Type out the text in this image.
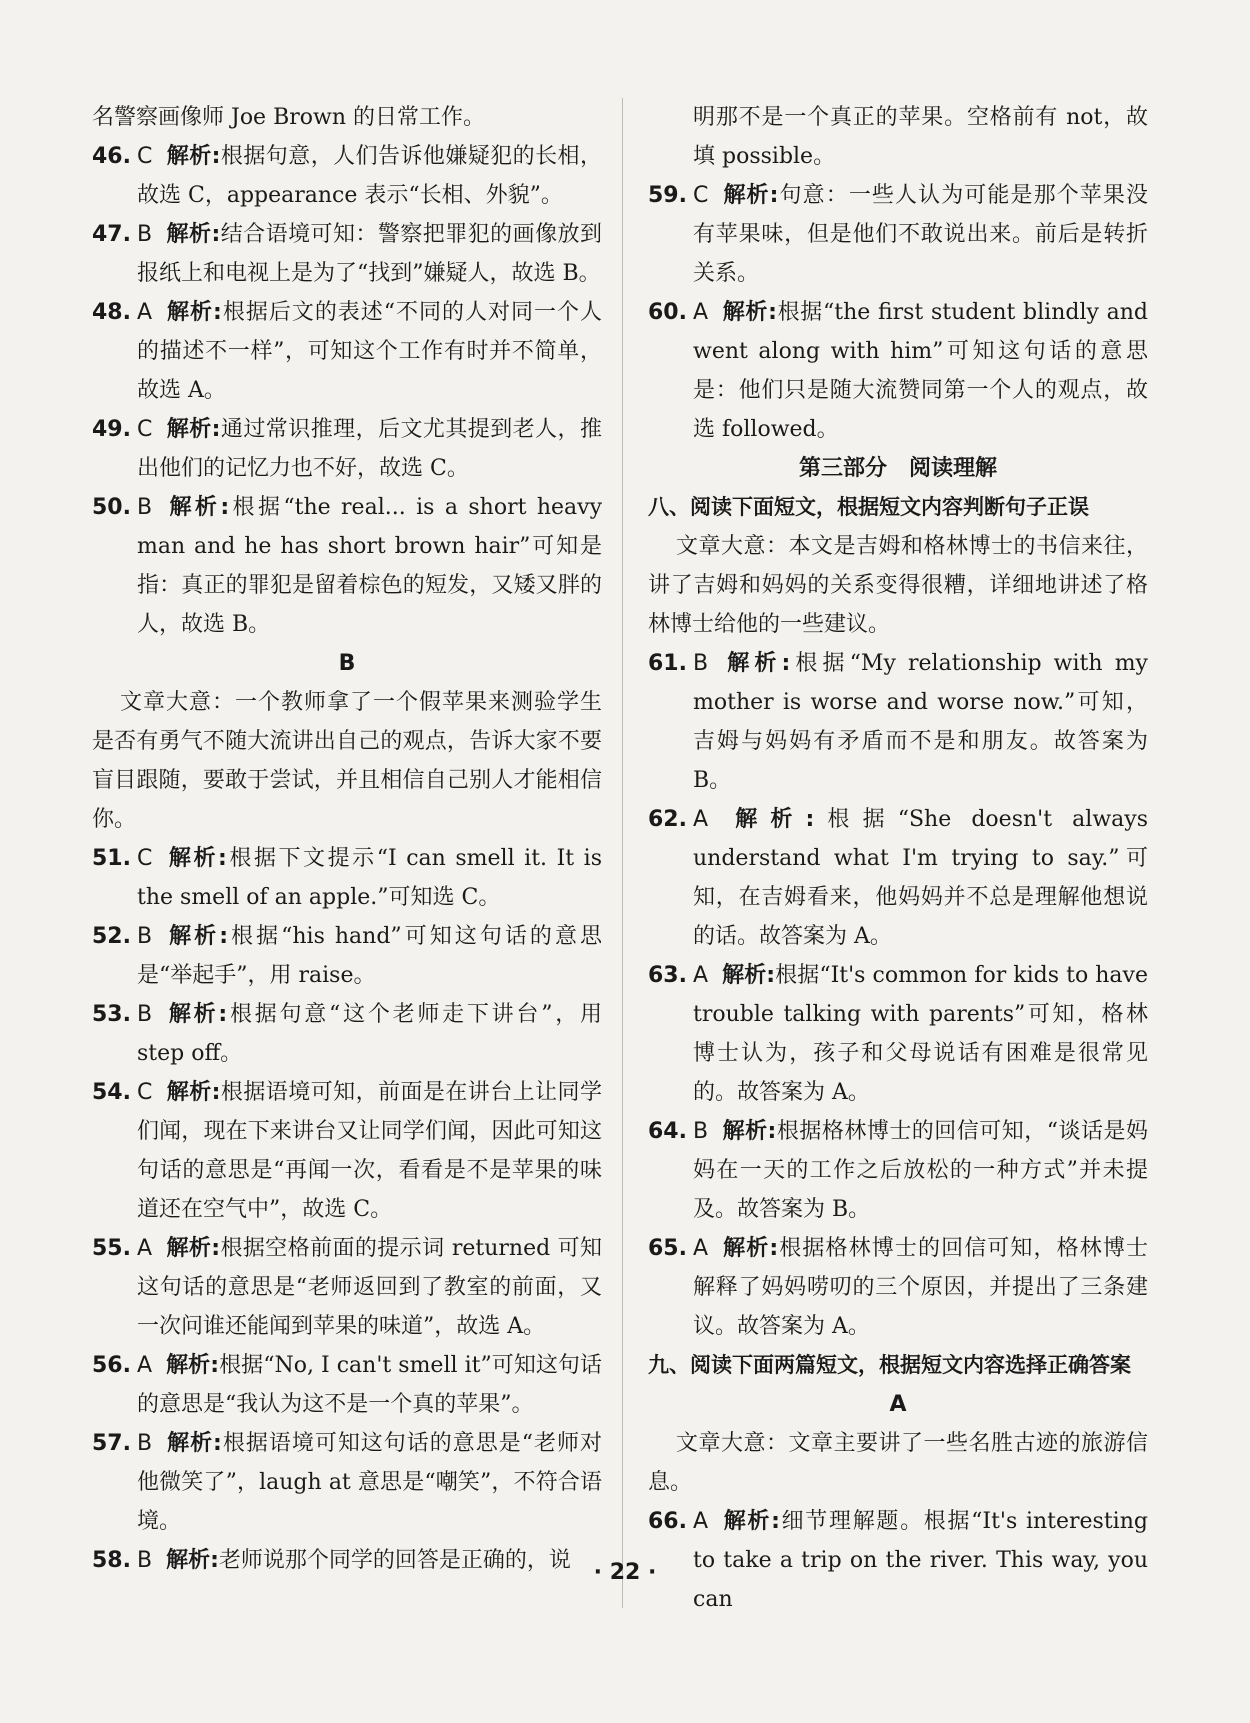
名警察画像师 Joe Brown 的日常工作。

46. C 解析:根据句意，人们告诉他嫌疑犯的长相，故选 C，appearance 表示“长相、外貌”。

47. B 解析:结合语境可知：警察把罪犯的画像放到报纸上和电视上是为了“找到”嫌疑人，故选 B。

48. A 解析:根据后文的表述“不同的人对同一个人的描述不一样”，可知这个工作有时并不简单，故选 A。

49. C 解析:通过常识推理，后文尤其提到老人，推出他们的记忆力也不好，故选 C。

50. B 解析:根据“the real... is a short heavy man and he has short brown hair”可知是指：真正的罪犯是留着棕色的短发，又矮又胖的人，故选 B。

B

文章大意：一个教师拿了一个假苹果来测验学生是否有勇气不随大流讲出自己的观点，告诉大家不要盲目跟随，要敢于尝试，并且相信自己别人才能相信你。

51. C 解析:根据下文提示“I can smell it. It is the smell of an apple.”可知选 C。

52. B 解析:根据“his hand”可知这句话的意思是“举起手”，用 raise。

53. B 解析:根据句意“这个老师走下讲台”，用 step off。

54. C 解析:根据语境可知，前面是在讲台上让同学们闻，现在下来讲台又让同学们闻，因此可知这句话的意思是“再闻一次，看看是不是苹果的味道还在空气中”，故选 C。

55. A 解析:根据空格前面的提示词 returned 可知这句话的意思是“老师返回到了教室的前面，又一次问谁还能闻到苹果的味道”，故选 A。

56. A 解析:根据“No, I can't smell it”可知这句话的意思是“我认为这不是一个真的苹果”。

57. B 解析:根据语境可知这句话的意思是“老师对他微笑了”，laugh at 意思是“嘲笑”，不符合语境。

58. B 解析:老师说那个同学的回答是正确的，说

明那不是一个真正的苹果。空格前有 not，故填 possible。

59. C 解析:句意：一些人认为可能是那个苹果没有苹果味，但是他们不敢说出来。前后是转折关系。

60. A 解析:根据“the first student blindly and went along with him”可知这句话的意思是：他们只是随大流赞同第一个人的观点，故选 followed。

第三部分　阅读理解

八、阅读下面短文，根据短文内容判断句子正误

文章大意：本文是吉姆和格林博士的书信来往，讲了吉姆和妈妈的关系变得很糟，详细地讲述了格林博士给他的一些建议。

61. B 解析:根据“My relationship with my mother is worse and worse now.”可知，吉姆与妈妈有矛盾而不是和朋友。故答案为 B。

62. A 解析:根据“She doesn't always understand what I'm trying to say.”可知，在吉姆看来，他妈妈并不总是理解他想说的话。故答案为 A。

63. A 解析:根据“It's common for kids to have trouble talking with parents”可知，格林博士认为，孩子和父母说话有困难是很常见的。故答案为 A。

64. B 解析:根据格林博士的回信可知，“谈话是妈妈在一天的工作之后放松的一种方式”并未提及。故答案为 B。

65. A 解析:根据格林博士的回信可知，格林博士解释了妈妈唠叨的三个原因，并提出了三条建议。故答案为 A。

九、阅读下面两篇短文，根据短文内容选择正确答案

A

文章大意：文章主要讲了一些名胜古迹的旅游信息。

66. A 解析:细节理解题。根据“It's interesting to take a trip on the river. This way, you can

· 22 ·
